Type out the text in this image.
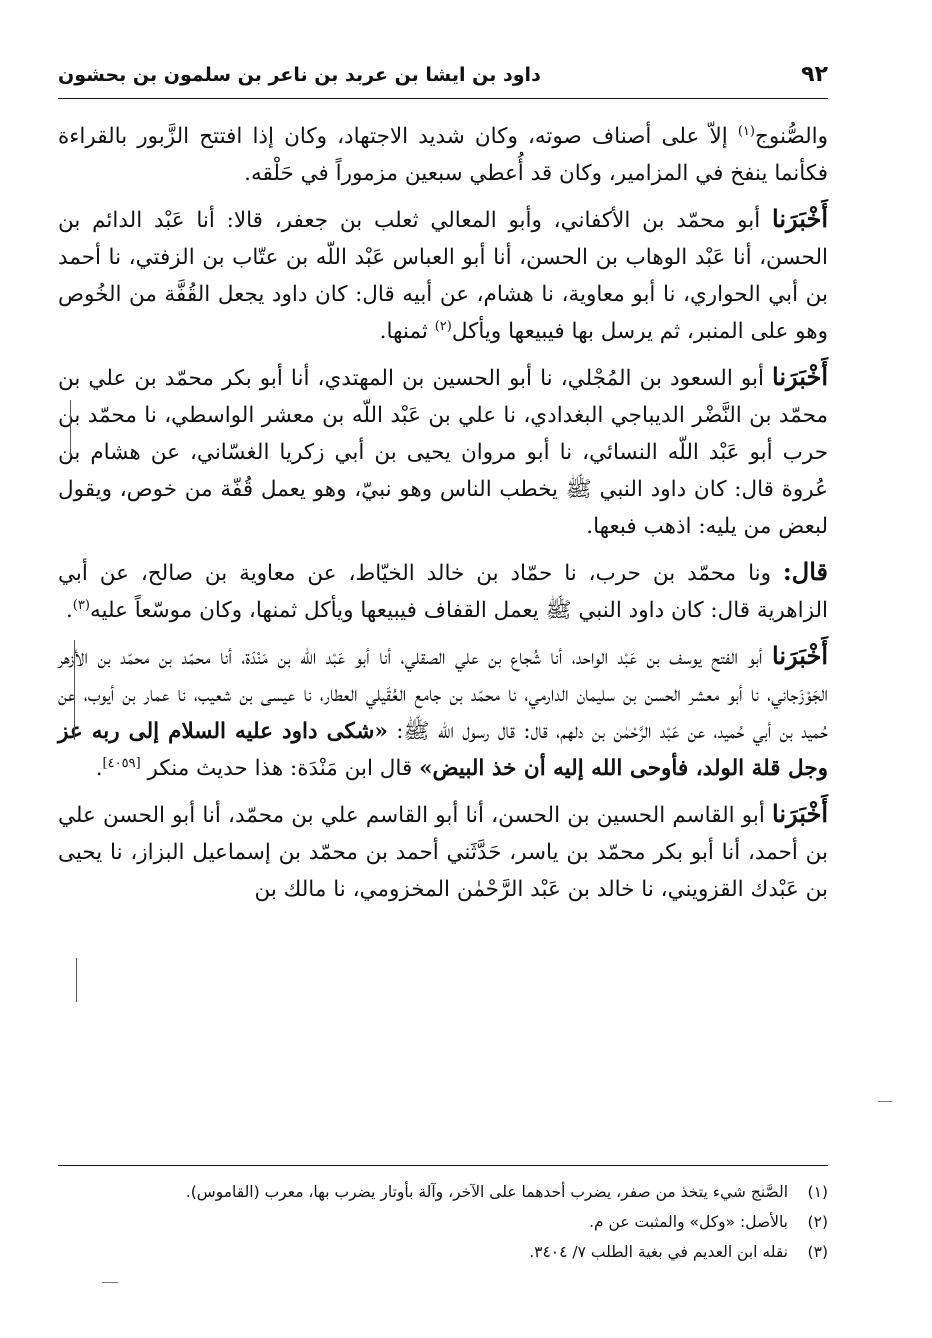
٩٢
داود بن ايشا بن عربد بن ناعر بن سلمون بن بحشون

والصُّنوج$^{(١)}$ إلاّ على أصناف صوته، وكان شديد الاجتهاد، وكان إذا افتتح الزَّبور بالقراءة فكأنما ينفخ في المزامير، وكان قد أُعطي سبعين مزموراً في حَلْقه.

أَخْبَرَنا أبو محمّد بن الأكفاني، وأبو المعالي ثعلب بن جعفر، قالا: أنا عَبْد الدائم بن الحسن، أنا عَبْد الوهاب بن الحسن، أنا أبو العباس عَبْد اللّه بن عتّاب بن الزفتي، نا أحمد بن أبي الحواري، نا أبو معاوية، نا هشام، عن أبيه قال: كان داود يجعل القُفَّة من الخُوص وهو على المنبر، ثم يرسل بها فيبيعها ويأكل$^{(٢)}$ ثمنها.

أَخْبَرَنا أبو السعود بن المُجْلي، نا أبو الحسين بن المهتدي، أنا أبو بكر محمّد بن علي بن محمّد بن النَّضْر الديباجي البغدادي، نا علي بن عَبْد اللّه بن معشر الواسطي، نا محمّد بن حرب أبو عَبْد اللّه النسائي، نا أبو مروان يحيى بن أبي زكريا الغسّاني، عن هشام بن عُروة قال: كان داود النبي ﷺ يخطب الناس وهو نبيّ، وهو يعمل قُفّة من خوص، ويقول لبعض من يليه: اذهب فبعها.

قال: ونا محمّد بن حرب، نا حمّاد بن خالد الخيّاط، عن معاوية بن صالح، عن أبي الزاهرية قال: كان داود النبي ﷺ يعمل القفاف فيبيعها ويأكل ثمنها، وكان موسّعاً عليه$^{(٣)}$.

أَخْبَرَنا أبو الفتح يوسف بن عَبْد الواحد، أنا شُجاع بن علي الصقلي، أنا أبو عَبْد اللّه بن مَنْدَة، أنا محمّد بن محمّد بن الأزهر الجَوْزَجاني، نا أبو معشر الحسن بن سليمان الدارمي، نا محمّد بن جامع العُقَيلي العطار، نا عيسى بن شعيب، نا عمار بن أيوب، عن حُميد بن أبي حُميد، عن عَبْد الرَّحْمٰن بن دلهم، قال: قال رسول الله ﷺ: «شكى داود عليه السلام إلى ربه عز وجل قلة الولد، فأوحى الله إليه أن خذ البيض» قال ابن مَنْدَة: هذا حديث منكر [٤٠٥٩].

أَخْبَرَنا أبو القاسم الحسين بن الحسن، أنا أبو القاسم علي بن محمّد، أنا أبو الحسن علي بن أحمد، أنا أبو بكر محمّد بن ياسر، حَدَّثَني أحمد بن محمّد بن إسماعيل البزاز، نا يحيى بن عَبْدك القزويني، نا خالد بن عَبْد الرَّحْمٰن المخزومي، نا مالك بن

(١)الصَّنج شيء يتخذ من صفر، يضرب أحدهما على الآخر، وآلة بأوتار يضرب بها، معرب (القاموس).

(٢)بالأصل: «وكل» والمثبت عن م.

(٣)نقله ابن العديم في بغية الطلب ٧/ ٣٤٠٤.
